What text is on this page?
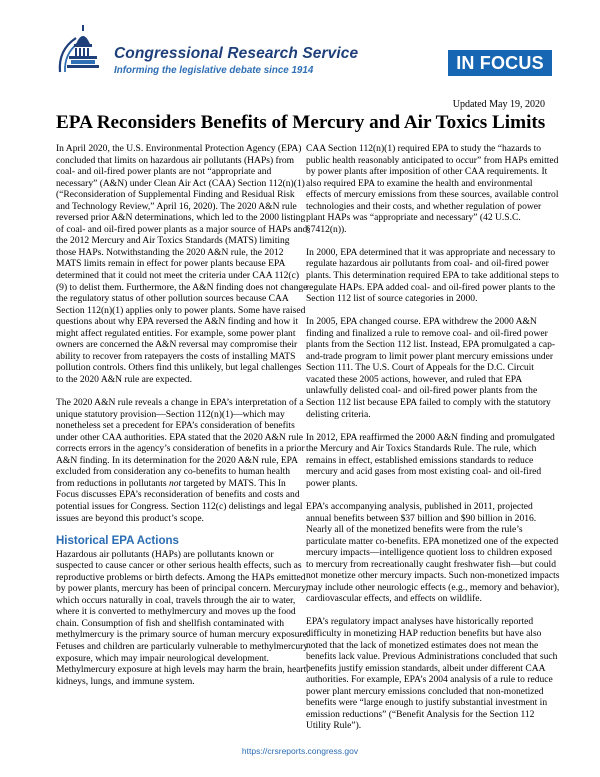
Congressional Research Service
Informing the legislative debate since 1914	IN FOCUS
Updated May 19, 2020
EPA Reconsiders Benefits of Mercury and Air Toxics Limits

In April 2020, the U.S. Environmental Protection Agency (EPA) concluded that limits on hazardous air pollutants (HAPs) from coal- and oil-fired power plants are not “appropriate and necessary” (A&N) under Clean Air Act (CAA) Section 112(n)(1) (“Reconsideration of Supplemental Finding and Residual Risk and Technology Review,” April 16, 2020). The 2020 A&N rule reversed prior A&N determinations, which led to the 2000 listing of coal- and oil-fired power plants as a major source of HAPs and the 2012 Mercury and Air Toxics Standards (MATS) limiting those HAPs. Notwithstanding the 2020 A&N rule, the 2012 MATS limits remain in effect for power plants because EPA determined that it could not meet the criteria under CAA 112(c)(9) to delist them. Furthermore, the A&N finding does not change the regulatory status of other pollution sources because CAA Section 112(n)(1) applies only to power plants. Some have raised questions about why EPA reversed the A&N finding and how it might affect regulated entities. For example, some power plant owners are concerned the A&N reversal may compromise their ability to recover from ratepayers the costs of installing MATS pollution controls. Others find this unlikely, but legal challenges to the 2020 A&N rule are expected.

The 2020 A&N rule reveals a change in EPA’s interpretation of a unique statutory provision—Section 112(n)(1)—which may nonetheless set a precedent for EPA’s consideration of benefits under other CAA authorities. EPA stated that the 2020 A&N rule corrects errors in the agency’s consideration of benefits in a prior A&N finding. In its determination for the 2020 A&N rule, EPA excluded from consideration any co-benefits to human health from reductions in pollutants not targeted by MATS. This In Focus discusses EPA’s reconsideration of benefits and costs and potential issues for Congress. Section 112(c) delistings and legal issues are beyond this product’s scope.

Historical EPA Actions

Hazardous air pollutants (HAPs) are pollutants known or suspected to cause cancer or other serious health effects, such as reproductive problems or birth defects. Among the HAPs emitted by power plants, mercury has been of principal concern. Mercury, which occurs naturally in coal, travels through the air to water, where it is converted to methylmercury and moves up the food chain. Consumption of fish and shellfish contaminated with methylmercury is the primary source of human mercury exposure. Fetuses and children are particularly vulnerable to methylmercury exposure, which may impair neurological development. Methylmercury exposure at high levels may harm the brain, heart, kidneys, lungs, and immune system.

CAA Section 112(n)(1) required EPA to study the “hazards to public health reasonably anticipated to occur” from HAPs emitted by power plants after imposition of other CAA requirements. It also required EPA to examine the health and environmental effects of mercury emissions from these sources, available control technologies and their costs, and whether regulation of power plant HAPs was “appropriate and necessary” (42 U.S.C. §7412(n)).

In 2000, EPA determined that it was appropriate and necessary to regulate hazardous air pollutants from coal- and oil-fired power plants. This determination required EPA to take additional steps to regulate HAPs. EPA added coal- and oil-fired power plants to the Section 112 list of source categories in 2000.

In 2005, EPA changed course. EPA withdrew the 2000 A&N finding and finalized a rule to remove coal- and oil-fired power plants from the Section 112 list. Instead, EPA promulgated a cap-and-trade program to limit power plant mercury emissions under Section 111. The U.S. Court of Appeals for the D.C. Circuit vacated these 2005 actions, however, and ruled that EPA unlawfully delisted coal- and oil-fired power plants from the Section 112 list because EPA failed to comply with the statutory delisting criteria.

In 2012, EPA reaffirmed the 2000 A&N finding and promulgated the Mercury and Air Toxics Standards Rule. The rule, which remains in effect, established emissions standards to reduce mercury and acid gases from most existing coal- and oil-fired power plants.

EPA’s accompanying analysis, published in 2011, projected annual benefits between $37 billion and $90 billion in 2016. Nearly all of the monetized benefits were from the rule’s particulate matter co-benefits. EPA monetized one of the expected mercury impacts—intelligence quotient loss to children exposed to mercury from recreationally caught freshwater fish—but could not monetize other mercury impacts. Such non-monetized impacts may include other neurologic effects (e.g., memory and behavior), cardiovascular effects, and effects on wildlife.

EPA’s regulatory impact analyses have historically reported difficulty in monetizing HAP reduction benefits but have also noted that the lack of monetized estimates does not mean the benefits lack value. Previous Administrations concluded that such benefits justify emission standards, albeit under different CAA authorities. For example, EPA’s 2004 analysis of a rule to reduce power plant mercury emissions concluded that non-monetized benefits were “large enough to justify substantial investment in emission reductions” (“Benefit Analysis for the Section 112 Utility Rule”).

https://crsreports.congress.gov
